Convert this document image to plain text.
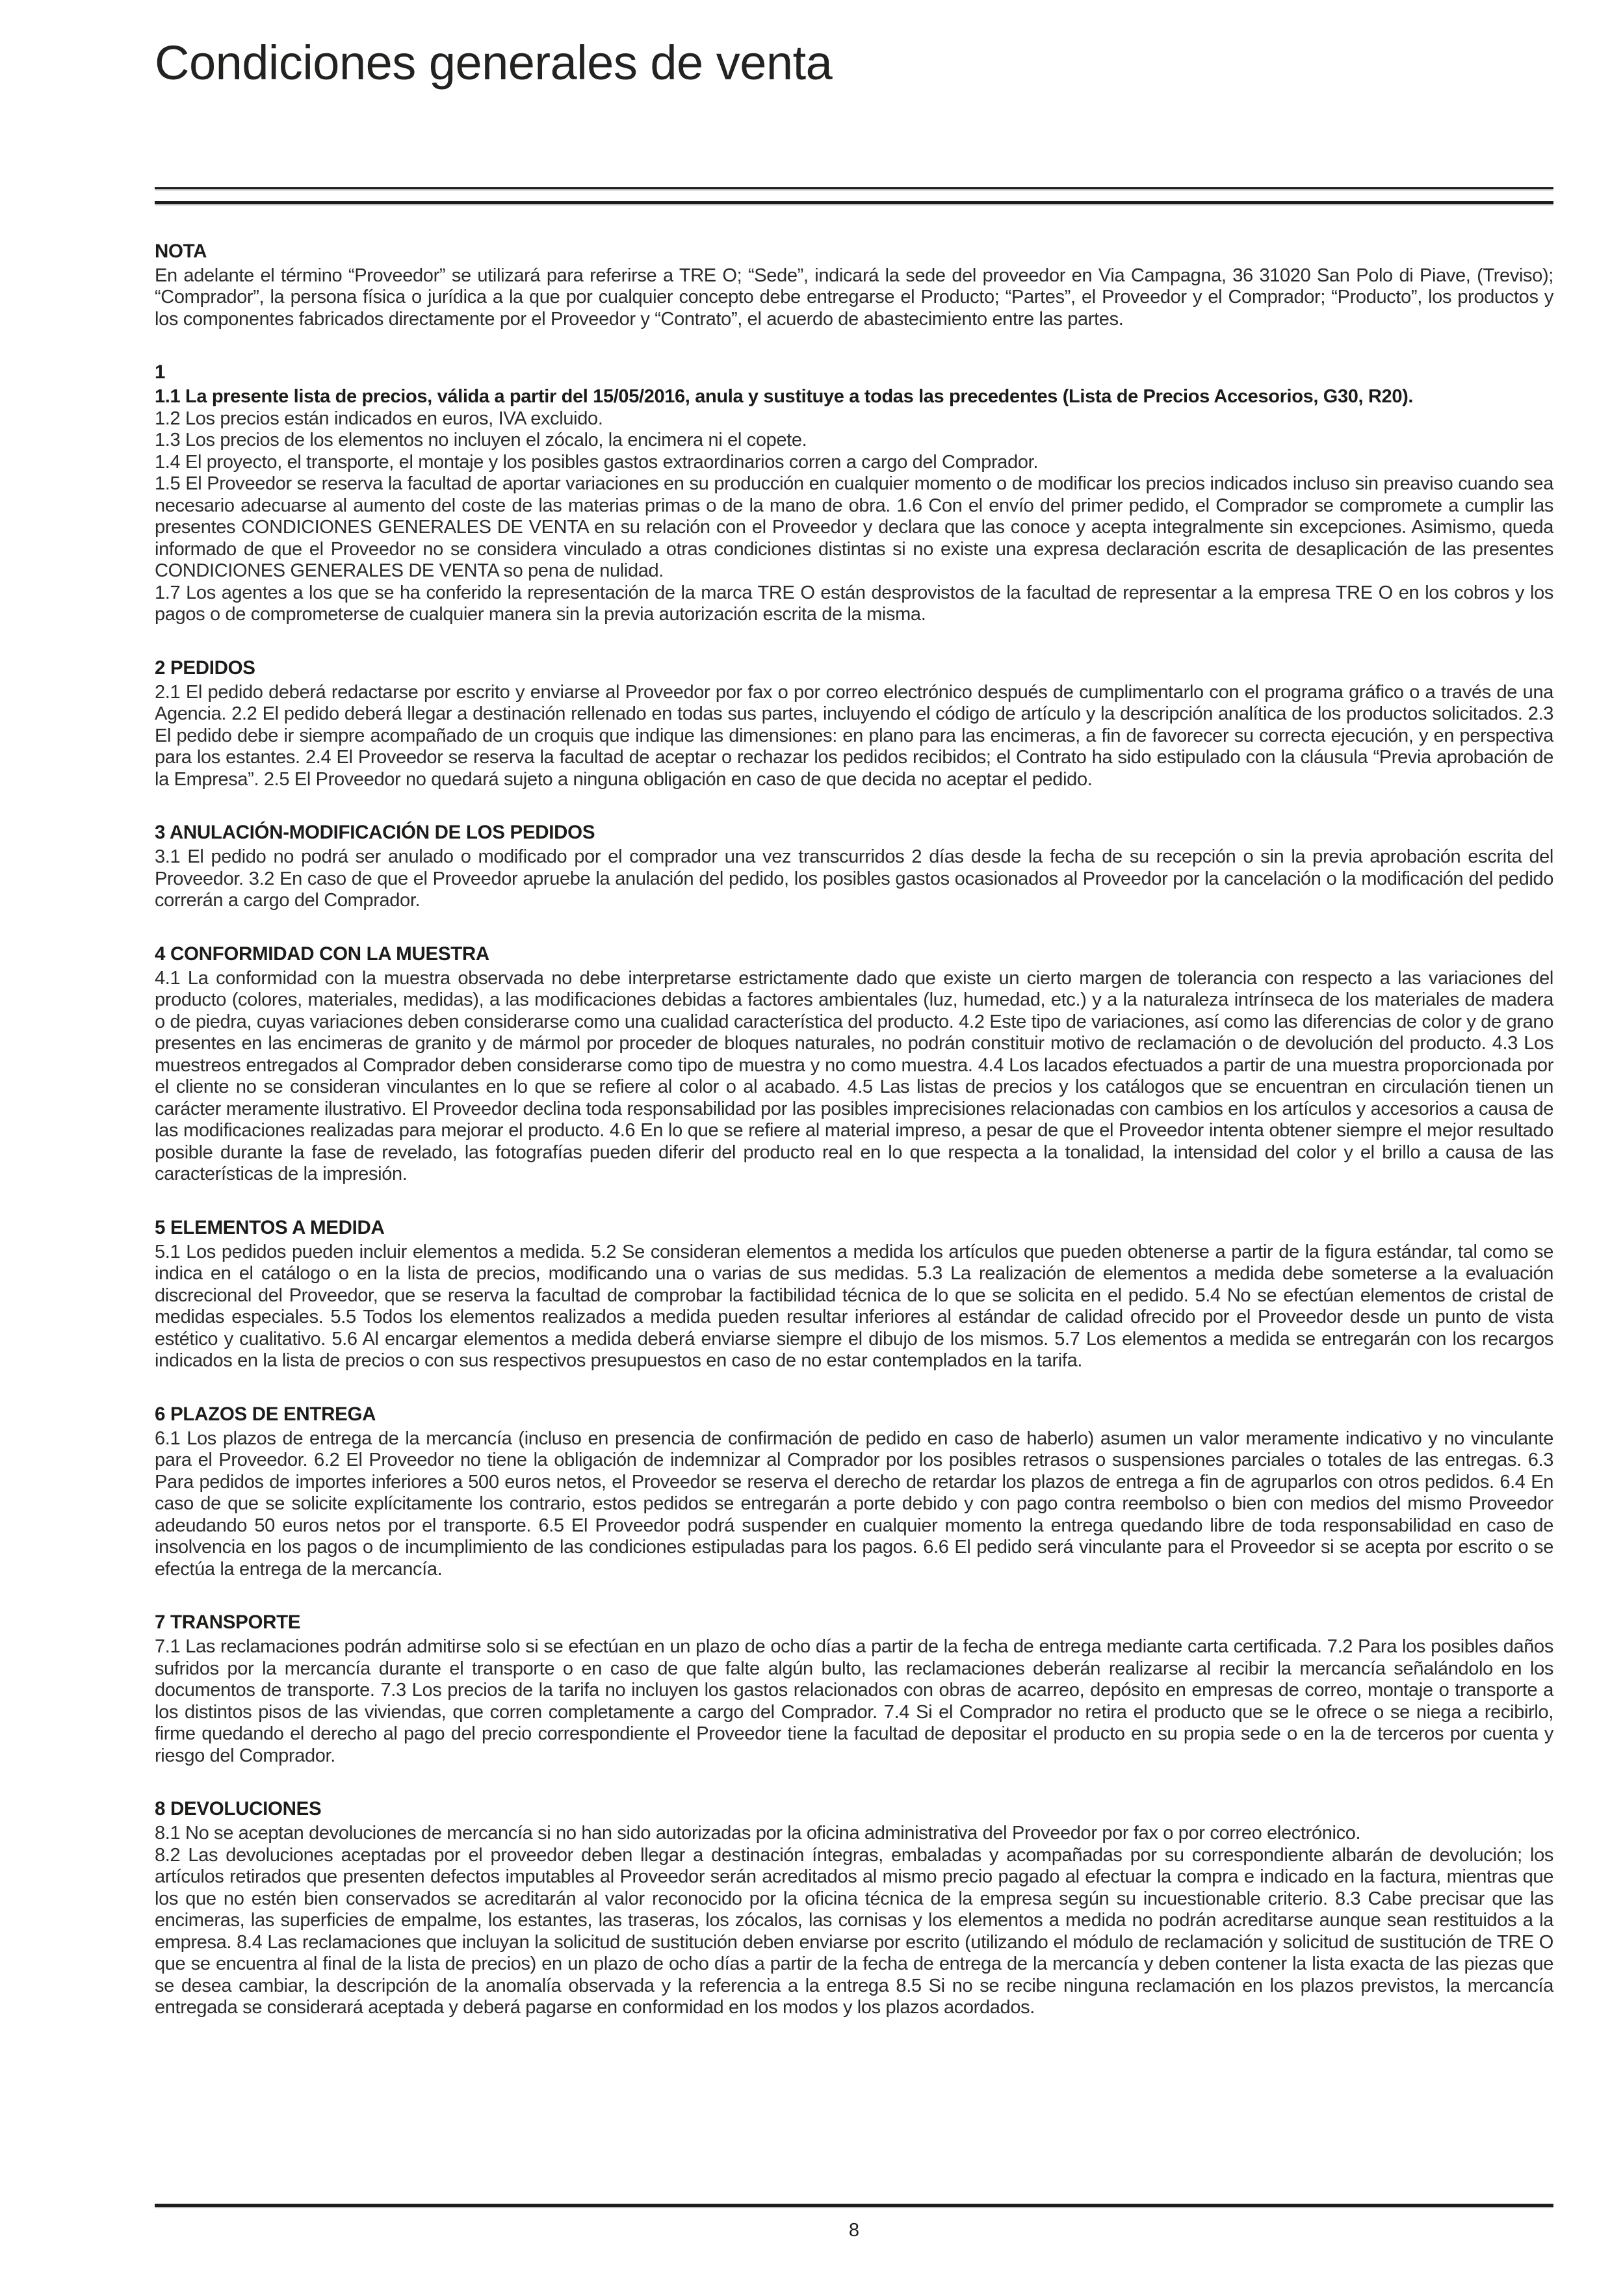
Condiciones generales de venta
NOTA

En adelante el término “Proveedor” se utilizará para referirse a TRE O; “Sede”, indicará la sede del proveedor en Via Campagna, 36 31020 San Polo di Piave, (Treviso); “Comprador”, la persona física o jurídica a la que por cualquier concepto debe entregarse el Producto; “Partes”, el Proveedor y el Comprador; “Producto”, los productos y los componentes fabricados directamente por el Proveedor y “Contrato”, el acuerdo de abastecimiento entre las partes.

1

1.1 La presente lista de precios, válida a partir del 15/05/2016, anula y sustituye a todas las precedentes (Lista de Precios Accesorios, G30, R20).

1.2 Los precios están indicados en euros, IVA excluido.

1.3 Los precios de los elementos no incluyen el zócalo, la encimera ni el copete.

1.4 El proyecto, el transporte, el montaje y los posibles gastos extraordinarios corren a cargo del Comprador.

1.5 El Proveedor se reserva la facultad de aportar variaciones en su producción en cualquier momento o de modificar los precios indicados incluso sin preaviso cuando sea necesario adecuarse al aumento del coste de las materias primas o de la mano de obra. 1.6 Con el envío del primer pedido, el Comprador se compromete a cumplir las presentes CONDICIONES GENERALES DE VENTA en su relación con el Proveedor y declara que las conoce y acepta integralmente sin excepciones. Asimismo, queda informado de que el Proveedor no se considera vinculado a otras condiciones distintas si no existe una expresa declaración escrita de desaplicación de las presentes CONDICIONES GENERALES DE VENTA so pena de nulidad.

1.7 Los agentes a los que se ha conferido la representación de la marca TRE O están desprovistos de la facultad de representar a la empresa TRE O en los cobros y los pagos o de comprometerse de cualquier manera sin la previa autorización escrita de la misma.

2 PEDIDOS

2.1 El pedido deberá redactarse por escrito y enviarse al Proveedor por fax o por correo electrónico después de cumplimentarlo con el programa gráfico o a través de una Agencia. 2.2 El pedido deberá llegar a destinación rellenado en todas sus partes, incluyendo el código de artículo y la descripción analítica de los productos solicitados. 2.3 El pedido debe ir siempre acompañado de un croquis que indique las dimensiones: en plano para las encimeras, a fin de favorecer su correcta ejecución, y en perspectiva para los estantes. 2.4 El Proveedor se reserva la facultad de aceptar o rechazar los pedidos recibidos; el Contrato ha sido estipulado con la cláusula “Previa aprobación de la Empresa”. 2.5 El Proveedor no quedará sujeto a ninguna obligación en caso de que decida no aceptar el pedido.

3 ANULACIÓN-MODIFICACIÓN DE LOS PEDIDOS

3.1 El pedido no podrá ser anulado o modificado por el comprador una vez transcurridos 2 días desde la fecha de su recepción o sin la previa aprobación escrita del Proveedor. 3.2 En caso de que el Proveedor apruebe la anulación del pedido, los posibles gastos ocasionados al Proveedor por la cancelación o la modificación del pedido correrán a cargo del Comprador.

4 CONFORMIDAD CON LA MUESTRA

4.1 La conformidad con la muestra observada no debe interpretarse estrictamente dado que existe un cierto margen de tolerancia con respecto a las variaciones del producto (colores, materiales, medidas), a las modificaciones debidas a factores ambientales (luz, humedad, etc.) y a la naturaleza intrínseca de los materiales de madera o de piedra, cuyas variaciones deben considerarse como una cualidad característica del producto. 4.2 Este tipo de variaciones, así como las diferencias de color y de grano presentes en las encimeras de granito y de mármol por proceder de bloques naturales, no podrán constituir motivo de reclamación o de devolución del producto. 4.3 Los muestreos entregados al Comprador deben considerarse como tipo de muestra y no como muestra. 4.4 Los lacados efectuados a partir de una muestra proporcionada por el cliente no se consideran vinculantes en lo que se refiere al color o al acabado. 4.5 Las listas de precios y los catálogos que se encuentran en circulación tienen un carácter meramente ilustrativo. El Proveedor declina toda responsabilidad por las posibles imprecisiones relacionadas con cambios en los artículos y accesorios a causa de las modificaciones realizadas para mejorar el producto. 4.6 En lo que se refiere al material impreso, a pesar de que el Proveedor intenta obtener siempre el mejor resultado posible durante la fase de revelado, las fotografías pueden diferir del producto real en lo que respecta a la tonalidad, la intensidad del color y el brillo a causa de las características de la impresión.

5 ELEMENTOS A MEDIDA

5.1 Los pedidos pueden incluir elementos a medida. 5.2 Se consideran elementos a medida los artículos que pueden obtenerse a partir de la figura estándar, tal como se indica en el catálogo o en la lista de precios, modificando una o varias de sus medidas. 5.3 La realización de elementos a medida debe someterse a la evaluación discrecional del Proveedor, que se reserva la facultad de comprobar la factibilidad técnica de lo que se solicita en el pedido. 5.4 No se efectúan elementos de cristal de medidas especiales. 5.5 Todos los elementos realizados a medida pueden resultar inferiores al estándar de calidad ofrecido por el Proveedor desde un punto de vista estético y cualitativo. 5.6 Al encargar elementos a medida deberá enviarse siempre el dibujo de los mismos. 5.7 Los elementos a medida se entregarán con los recargos indicados en la lista de precios o con sus respectivos presupuestos en caso de no estar contemplados en la tarifa.

6 PLAZOS DE ENTREGA

6.1 Los plazos de entrega de la mercancía (incluso en presencia de confirmación de pedido en caso de haberlo) asumen un valor meramente indicativo y no vinculante para el Proveedor. 6.2 El Proveedor no tiene la obligación de indemnizar al Comprador por los posibles retrasos o suspensiones parciales o totales de las entregas. 6.3 Para pedidos de importes inferiores a 500 euros netos, el Proveedor se reserva el derecho de retardar los plazos de entrega a fin de agruparlos con otros pedidos. 6.4 En caso de que se solicite explícitamente los contrario, estos pedidos se entregarán a porte debido y con pago contra reembolso o bien con medios del mismo Proveedor adeudando 50 euros netos por el transporte. 6.5 El Proveedor podrá suspender en cualquier momento la entrega quedando libre de toda responsabilidad en caso de insolvencia en los pagos o de incumplimiento de las condiciones estipuladas para los pagos. 6.6 El pedido será vinculante para el Proveedor si se acepta por escrito o se efectúa la entrega de la mercancía.

7 TRANSPORTE

7.1 Las reclamaciones podrán admitirse solo si se efectúan en un plazo de ocho días a partir de la fecha de entrega mediante carta certificada. 7.2 Para los posibles daños sufridos por la mercancía durante el transporte o en caso de que falte algún bulto, las reclamaciones deberán realizarse al recibir la mercancía señalándolo en los documentos de transporte. 7.3 Los precios de la tarifa no incluyen los gastos relacionados con obras de acarreo, depósito en empresas de correo, montaje o transporte a los distintos pisos de las viviendas, que corren completamente a cargo del Comprador. 7.4 Si el Comprador no retira el producto que se le ofrece o se niega a recibirlo, firme quedando el derecho al pago del precio correspondiente el Proveedor tiene la facultad de depositar el producto en su propia sede o en la de terceros por cuenta y riesgo del Comprador.

8 DEVOLUCIONES

8.1 No se aceptan devoluciones de mercancía si no han sido autorizadas por la oficina administrativa del Proveedor por fax o por correo electrónico.

8.2 Las devoluciones aceptadas por el proveedor deben llegar a destinación íntegras, embaladas y acompañadas por su correspondiente albarán de devolución; los artículos retirados que presenten defectos imputables al Proveedor serán acreditados al mismo precio pagado al efectuar la compra e indicado en la factura, mientras que los que no estén bien conservados se acreditarán al valor reconocido por la oficina técnica de la empresa según su incuestionable criterio. 8.3 Cabe precisar que las encimeras, las superficies de empalme, los estantes, las traseras, los zócalos, las cornisas y los elementos a medida no podrán acreditarse aunque sean restituidos a la empresa. 8.4 Las reclamaciones que incluyan la solicitud de sustitución deben enviarse por escrito (utilizando el módulo de reclamación y solicitud de sustitución de TRE O que se encuentra al final de la lista de precios) en un plazo de ocho días a partir de la fecha de entrega de la mercancía y deben contener la lista exacta de las piezas que se desea cambiar, la descripción de la anomalía observada y la referencia a la entrega 8.5 Si no se recibe ninguna reclamación en los plazos previstos, la mercancía entregada se considerará aceptada y deberá pagarse en conformidad en los modos y los plazos acordados.

8
